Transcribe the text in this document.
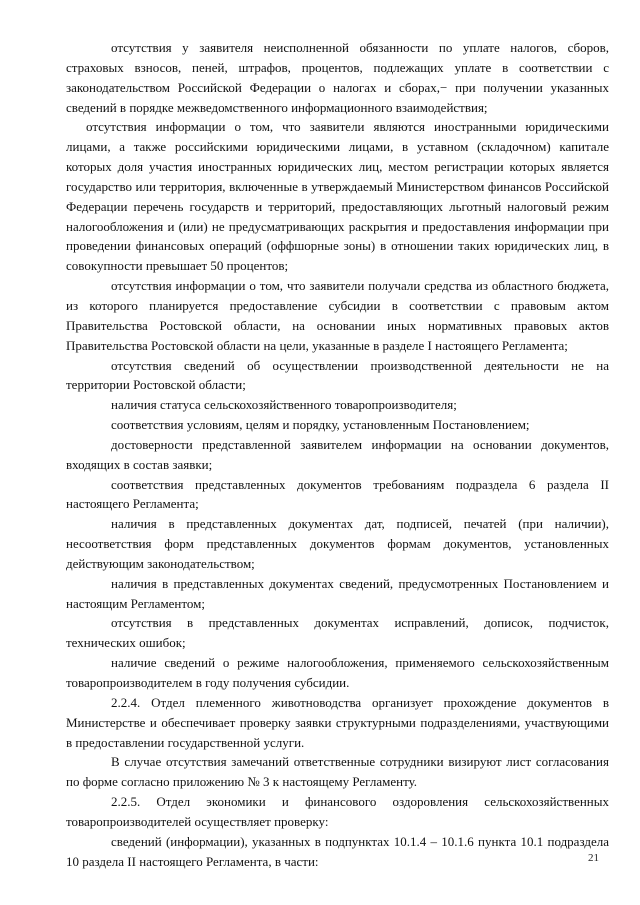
отсутствия у заявителя неисполненной обязанности по уплате налогов, сборов, страховых взносов, пеней, штрафов, процентов, подлежащих уплате в соответствии с законодательством Российской Федерации о налогах и сборах,− при получении указанных сведений в порядке межведомственного информационного взаимодействия;

отсутствия информации о том, что заявители являются иностранными юридическими лицами, а также российскими юридическими лицами, в уставном (складочном) капитале которых доля участия иностранных юридических лиц, местом регистрации которых является государство или территория, включенные в утверждаемый Министерством финансов Российской Федерации перечень государств и территорий, предоставляющих льготный налоговый режим налогообложения и (или) не предусматривающих раскрытия и предоставления информации при проведении финансовых операций (оффшорные зоны) в отношении таких юридических лиц, в совокупности превышает 50 процентов;

отсутствия информации о том, что заявители получали средства из областного бюджета, из которого планируется предоставление субсидии в соответствии с правовым актом Правительства Ростовской области, на основании иных нормативных правовых актов Правительства Ростовской области на цели, указанные в разделе I настоящего Регламента;

отсутствия сведений об осуществлении производственной деятельности не на территории Ростовской области;

наличия статуса сельскохозяйственного товаропроизводителя;

соответствия условиям, целям и порядку, установленным Постановлением;

достоверности представленной заявителем информации на основании документов, входящих в состав заявки;

соответствия представленных документов требованиям подраздела 6 раздела II настоящего Регламента;

наличия в представленных документах дат, подписей, печатей (при наличии), несоответствия форм представленных документов формам документов, установленных действующим законодательством;

наличия в представленных документах сведений, предусмотренных Постановлением и настоящим Регламентом;

отсутствия в представленных документах исправлений, дописок, подчисток, технических ошибок;

наличие сведений о режиме налогообложения, применяемого сельскохозяйственным товаропроизводителем в году получения субсидии.

2.2.4. Отдел племенного животноводства организует прохождение документов в Министерстве и обеспечивает проверку заявки структурными подразделениями, участвующими в предоставлении государственной услуги.

В случае отсутствия замечаний ответственные сотрудники визируют лист согласования по форме согласно приложению № 3 к настоящему Регламенту.

2.2.5. Отдел экономики и финансового оздоровления сельскохозяйственных товаропроизводителей осуществляет проверку:

сведений (информации), указанных в подпунктах 10.1.4 – 10.1.6 пункта 10.1 подраздела 10 раздела II настоящего Регламента, в части:	21
